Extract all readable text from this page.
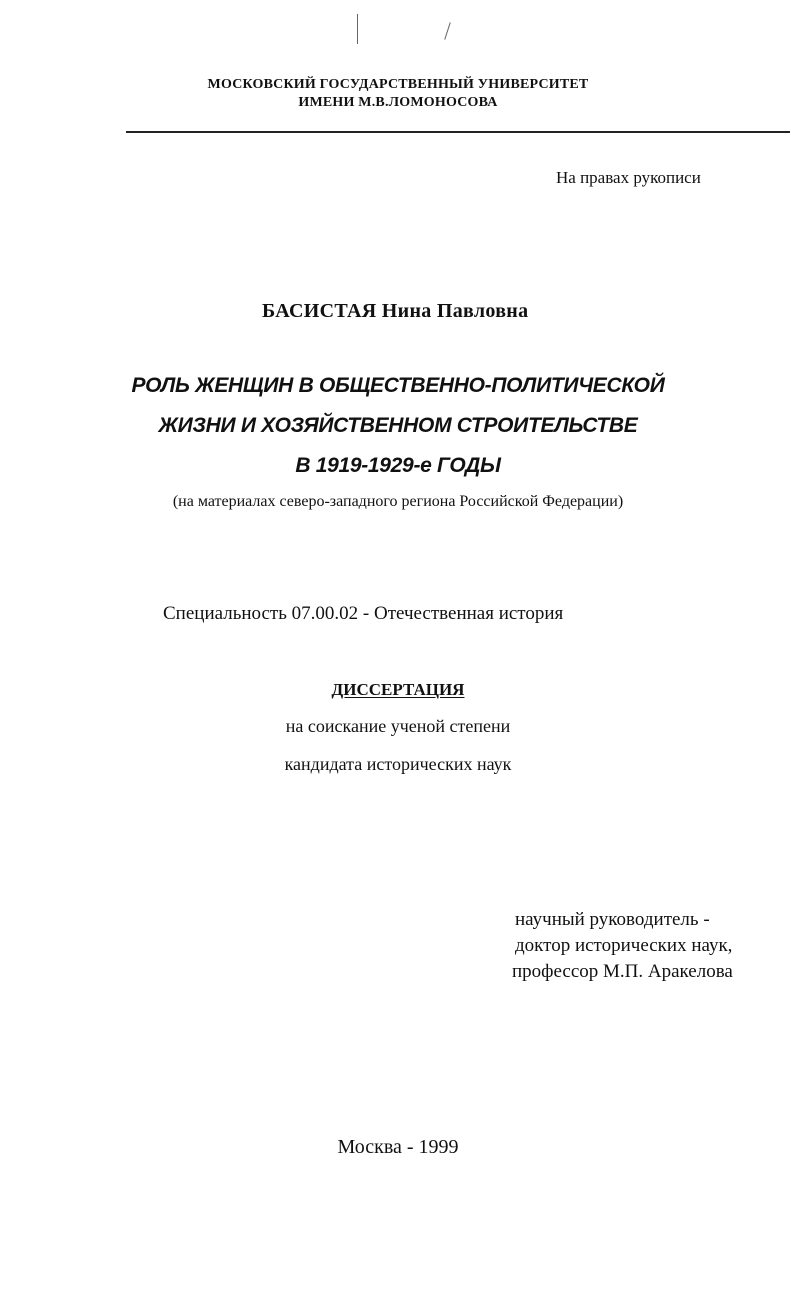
МОСКОВСКИЙ ГОСУДАРСТВЕННЫЙ УНИВЕРСИТЕТ
ИМЕНИ М.В.ЛОМОНОСОВА
На правах рукописи
БАСИСТАЯ Нина Павловна
РОЛЬ ЖЕНЩИН В ОБЩЕСТВЕННО-ПОЛИТИЧЕСКОЙ
ЖИЗНИ И ХОЗЯЙСТВЕННОМ СТРОИТЕЛЬСТВЕ
В 1919-1929-е ГОДЫ
(на материалах северо-западного региона Российской Федерации)
Специальность 07.00.02 - Отечественная история
ДИССЕРТАЦИЯ
на соискание ученой степени
кандидата исторических наук
научный руководитель -
доктор исторических наук,
профессор М.П. Аракелова
Москва - 1999
